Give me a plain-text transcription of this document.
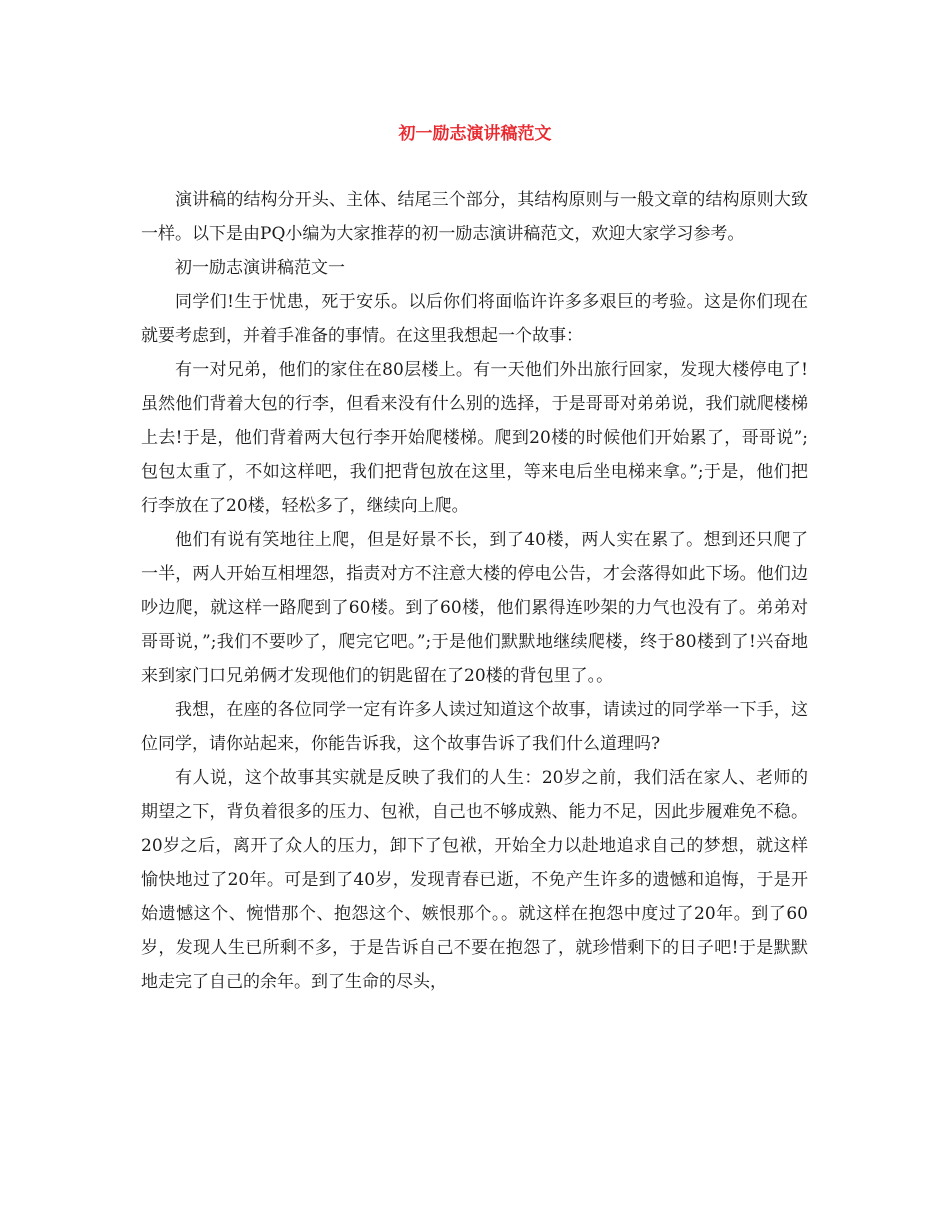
初一励志演讲稿范文

演讲稿的结构分开头、主体、结尾三个部分，其结构原则与一般文章的结构原则大致一样。以下是由PQ小编为大家推荐的初一励志演讲稿范文，欢迎大家学习参考。

初一励志演讲稿范文一

同学们!生于忧患，死于安乐。以后你们将面临许许多多艰巨的考验。这是你们现在就要考虑到，并着手准备的事情。在这里我想起一个故事：

有一对兄弟，他们的家住在80层楼上。有一天他们外出旅行回家，发现大楼停电了!虽然他们背着大包的行李，但看来没有什么别的选择，于是哥哥对弟弟说，我们就爬楼梯上去!于是，他们背着两大包行李开始爬楼梯。爬到20楼的时候他们开始累了，哥哥说”;包包太重了，不如这样吧，我们把背包放在这里，等来电后坐电梯来拿。”;于是，他们把行李放在了20楼，轻松多了，继续向上爬。

他们有说有笑地往上爬，但是好景不长，到了40楼，两人实在累了。想到还只爬了一半，两人开始互相埋怨，指责对方不注意大楼的停电公告，才会落得如此下场。他们边吵边爬，就这样一路爬到了60楼。到了60楼，他们累得连吵架的力气也没有了。弟弟对哥哥说，”;我们不要吵了，爬完它吧。”;于是他们默默地继续爬楼，终于80楼到了!兴奋地来到家门口兄弟俩才发现他们的钥匙留在了20楼的背包里了。。

我想，在座的各位同学一定有许多人读过知道这个故事，请读过的同学举一下手，这位同学，请你站起来，你能告诉我，这个故事告诉了我们什么道理吗?

有人说，这个故事其实就是反映了我们的人生：20岁之前，我们活在家人、老师的期望之下，背负着很多的压力、包袱，自己也不够成熟、能力不足，因此步履难免不稳。20岁之后，离开了众人的压力，卸下了包袱，开始全力以赴地追求自己的梦想，就这样愉快地过了20年。可是到了40岁，发现青春已逝，不免产生许多的遗憾和追悔，于是开始遗憾这个、惋惜那个、抱怨这个、嫉恨那个。。就这样在抱怨中度过了20年。到了60岁，发现人生已所剩不多，于是告诉自己不要在抱怨了，就珍惜剩下的日子吧!于是默默地走完了自己的余年。到了生命的尽头，
